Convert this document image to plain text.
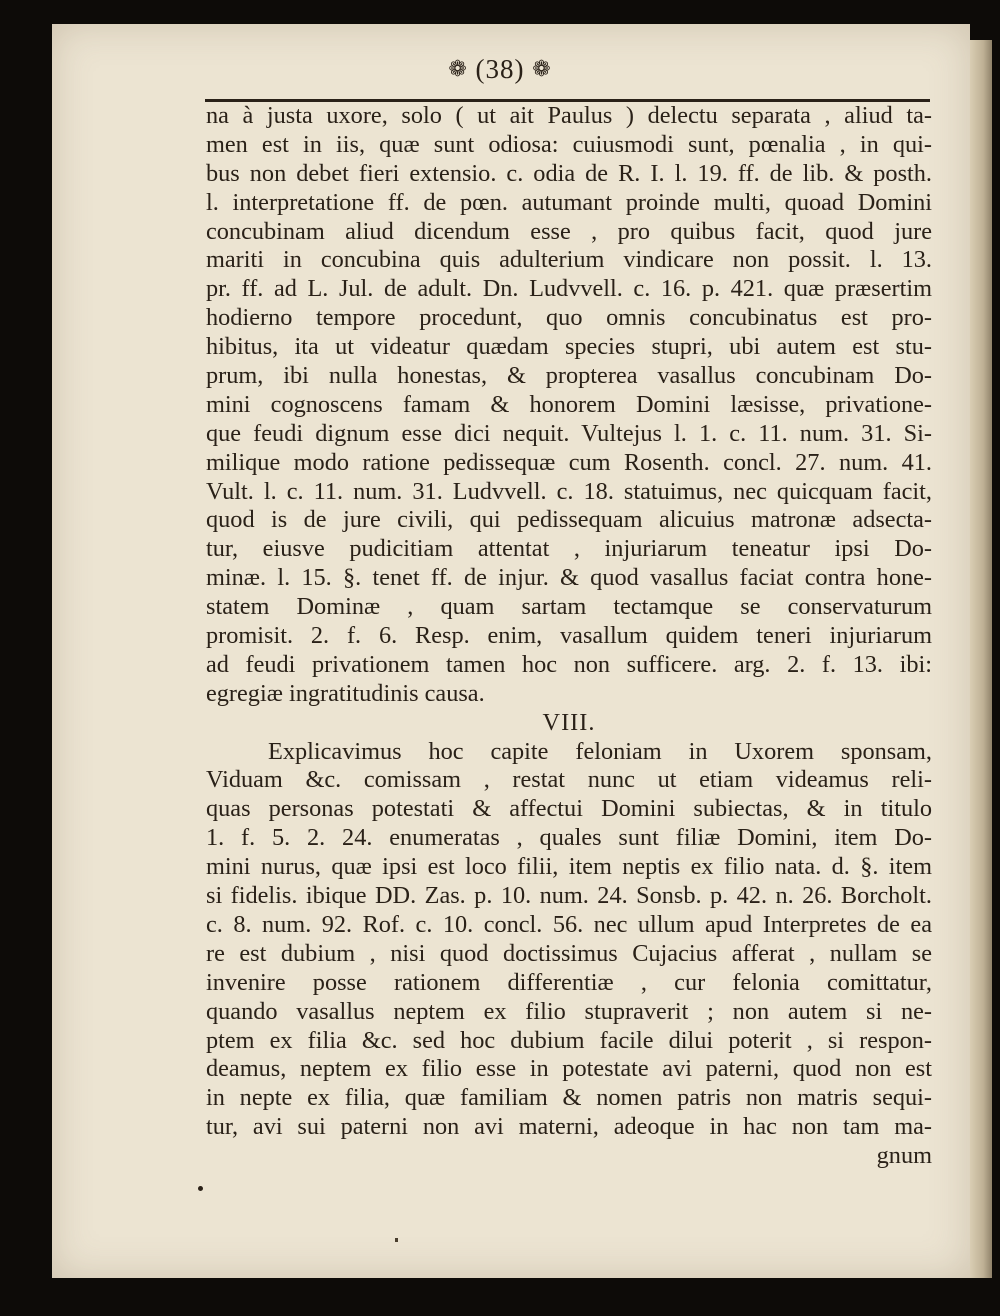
❁ (38) ❁
na à justa uxore, solo ( ut ait Paulus ) delectu separata , aliud ta-
men est in iis, quæ sunt odiosa: cuiusmodi sunt, pœnalia , in qui-
bus non debet fieri extensio. c. odia de R. I. l. 19. ff. de lib. & posth.
l. interpretatione ff. de pœn. autumant proinde multi, quoad Domini
concubinam aliud dicendum esse , pro quibus facit, quod jure
mariti in concubina quis adulterium vindicare non possit. l. 13.
pr. ff. ad L. Jul. de adult. Dn. Ludvvell. c. 16. p. 421. quæ præsertim
hodierno tempore procedunt, quo omnis concubinatus est pro-
hibitus, ita ut videatur quædam species stupri, ubi autem est stu-
prum, ibi nulla honestas, & propterea vasallus concubinam Do-
mini cognoscens famam & honorem Domini læsisse, privatione-
que feudi dignum esse dici nequit. Vultejus l. 1. c. 11. num. 31. Si-
milique modo ratione pedissequæ cum Rosenth. concl. 27. num. 41.
Vult. l. c. 11. num. 31. Ludvvell. c. 18. statuimus, nec quicquam facit,
quod is de jure civili, qui pedissequam alicuius matronæ adsecta-
tur, eiusve pudicitiam attentat , injuriarum teneatur ipsi Do-
minæ. l. 15. §. tenet ff. de injur. & quod vasallus faciat contra hone-
statem Dominæ , quam sartam tectamque se conservaturum
promisit. 2. f. 6. Resp. enim, vasallum quidem teneri injuriarum
ad feudi privationem tamen hoc non sufficere. arg. 2. f. 13. ibi:
egregiæ ingratitudinis causa.
VIII.
Explicavimus hoc capite feloniam in Uxorem sponsam,
Viduam &c. comissam , restat nunc ut etiam videamus reli-
quas personas potestati & affectui Domini subiectas, & in titulo
1. f. 5. 2. 24. enumeratas , quales sunt filiæ Domini, item Do-
mini nurus, quæ ipsi est loco filii, item neptis ex filio nata. d. §. item
si fidelis. ibique DD. Zas. p. 10. num. 24. Sonsb. p. 42. n. 26. Borcholt.
c. 8. num. 92. Rof. c. 10. concl. 56. nec ullum apud Interpretes de ea
re est dubium , nisi quod doctissimus Cujacius afferat , nullam se
invenire posse rationem differentiæ , cur felonia comittatur,
quando vasallus neptem ex filio stupraverit ; non autem si ne-
ptem ex filia &c. sed hoc dubium facile dilui poterit , si respon-
deamus, neptem ex filio esse in potestate avi paterni, quod non est
in nepte ex filia, quæ familiam & nomen patris non matris sequi-
tur, avi sui paterni non avi materni, adeoque in hac non tam ma-
gnum
